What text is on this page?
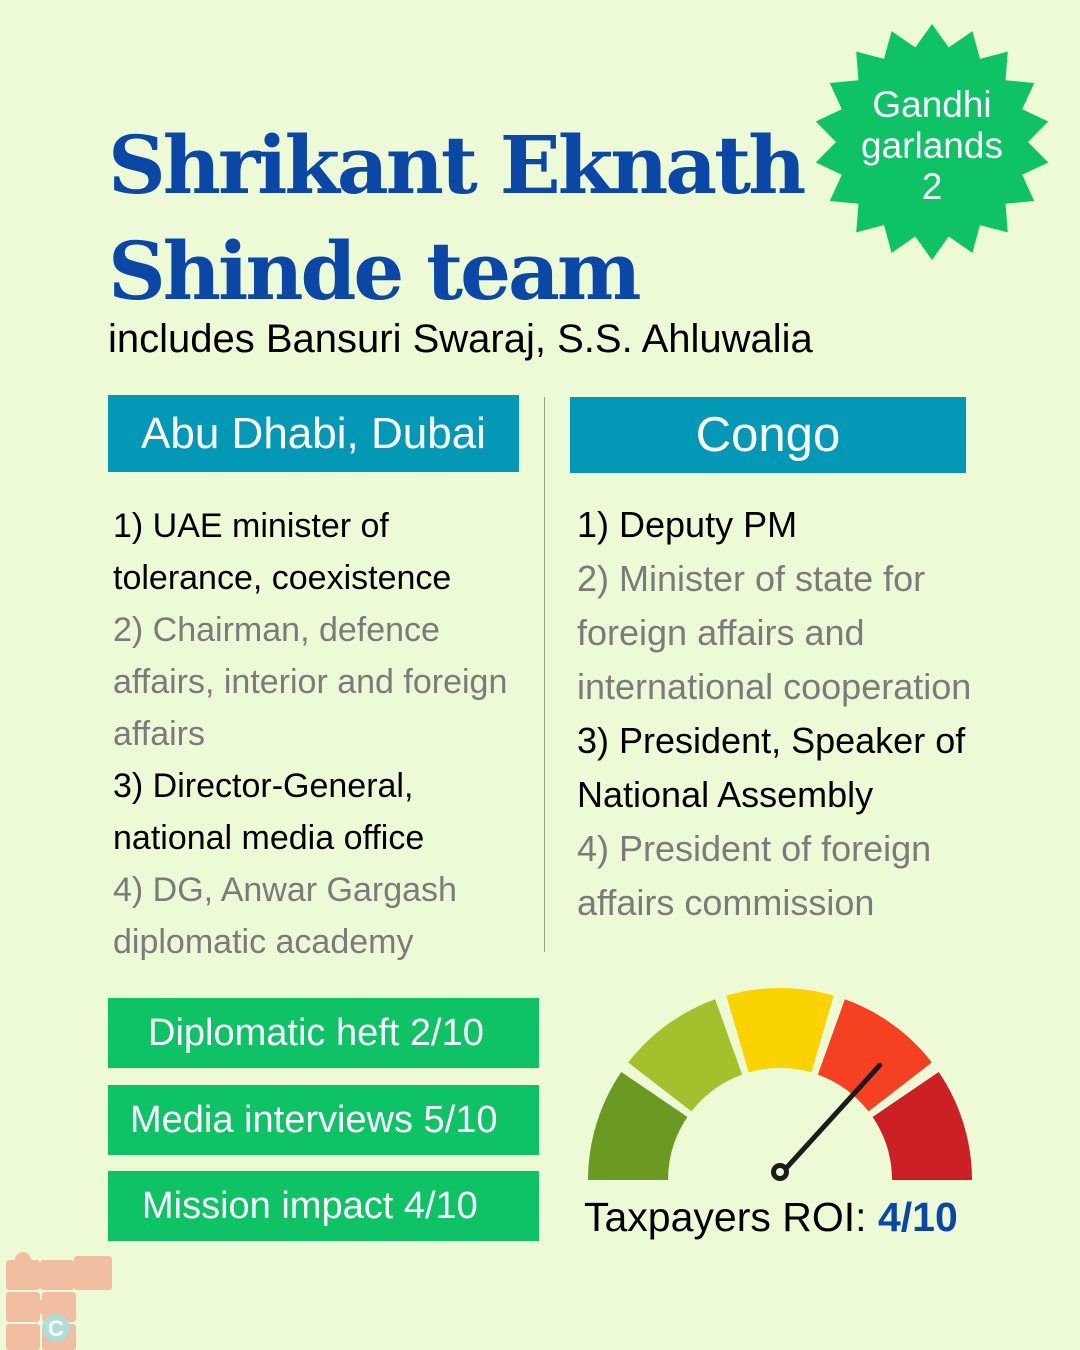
Shrikant Eknath
Shinde team
includes Bansuri Swaraj, S.S. Ahluwalia
Gandhi
garlands
2
Abu Dhabi, Dubai	Congo
1) UAE minister of tolerance, coexistence
2) Chairman, defence affairs, interior and foreign affairs
3) Director-General, national media office
4) DG, Anwar Gargash diplomatic academy
1) Deputy PM
2) Minister of state for foreign affairs and international cooperation
3) President, Speaker of National Assembly
4) President of foreign affairs commission
Diplomatic heft 2/10
Media interviews 5/10
Mission impact 4/10	Taxpayers ROI: 4/10
C
